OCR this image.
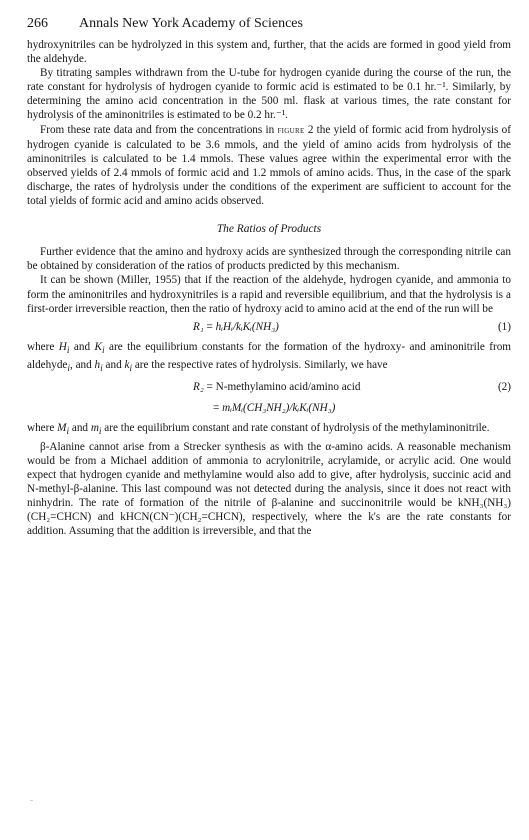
266 Annals New York Academy of Sciences

hydroxynitriles can be hydrolyzed in this system and, further, that the acids are formed in good yield from the aldehyde.

By titrating samples withdrawn from the U-tube for hydrogen cyanide during the course of the run, the rate constant for hydrolysis of hydrogen cyanide to formic acid is estimated to be 0.1 hr.⁻¹. Similarly, by determining the amino acid concentration in the 500 ml. flask at various times, the rate constant for hydrolysis of the aminonitriles is estimated to be 0.2 hr.⁻¹.

From these rate data and from the concentrations in figure 2 the yield of formic acid from hydrolysis of hydrogen cyanide is calculated to be 3.6 mmols, and the yield of amino acids from hydrolysis of the aminonitriles is calculated to be 1.4 mmols. These values agree within the experimental error with the observed yields of 2.4 mmols of formic acid and 1.2 mmols of amino acids. Thus, in the case of the spark discharge, the rates of hydrolysis under the conditions of the experiment are sufficient to account for the total yields of formic acid and amino acids observed.

The Ratios of Products

Further evidence that the amino and hydroxy acids are synthesized through the corresponding nitrile can be obtained by consideration of the ratios of products predicted by this mechanism.

It can be shown (Miller, 1955) that if the reaction of the aldehyde, hydrogen cyanide, and ammonia to form the aminonitriles and hydroxynitriles is a rapid and reversible equilibrium, and that the hydrolysis is a first-order irreversible reaction, then the ratio of hydroxy acid to amino acid at the end of the run will be

R₁ = hᵢHᵢ/kᵢKᵢ(NH₃)	(1)

where $H_i$ and $K_i$ are the equilibrium constants for the formation of the hydroxy- and aminonitrile from aldehyde$_i$, and $h_i$ and $k_i$ are the respective rates of hydrolysis. Similarly, we have

R₂ = N-methylamino acid/amino acid	(2)
= mᵢMᵢ(CH₃NH₂)/kᵢKᵢ(NH₃)

where $M_i$ and $m_i$ are the equilibrium constant and rate constant of hydrolysis of the methylaminonitrile.

β-Alanine cannot arise from a Strecker synthesis as with the α-amino acids. A reasonable mechanism would be from a Michael addition of ammonia to acrylonitrile, acrylamide, or acrylic acid. One would expect that hydrogen cyanide and methylamine would also add to give, after hydrolysis, succinic acid and N-methyl-β-alanine. This last compound was not detected during the analysis, since it does not react with ninhydrin. The rate of formation of the nitrile of β-alanine and succinonitrile would be kNH₃(NH₃)(CH₂=CHCN) and kHCN(CN⁻)(CH₂=CHCN), respectively, where the k's are the rate constants for addition. Assuming that the addition is irreversible, and that the
